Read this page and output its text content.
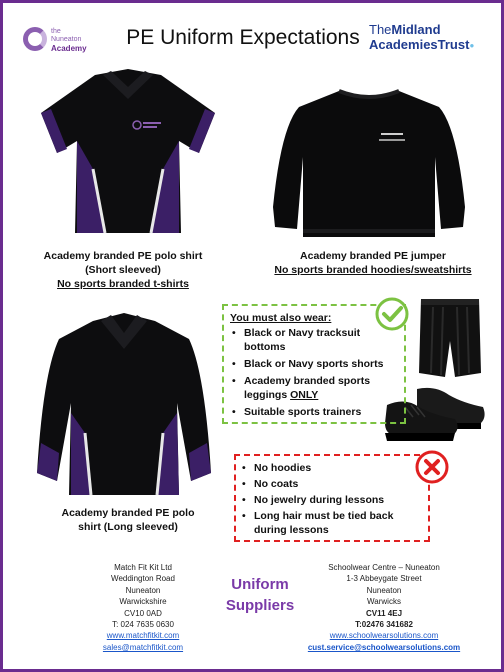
the
Nuneaton
Academy PE Uniform Expectations TheMidland
AcademiesTrust●
Academy branded PE polo shirt
(Short sleeved)
No sports branded t-shirts
Academy branded PE jumper
No sports branded hoodies/sweatshirts
Academy branded PE polo
shirt (Long sleeved)
You must also wear:
• Black or Navy tracksuit bottoms
• Black or Navy sports shorts
• Academy branded sports leggings ONLY
• Suitable sports trainers
• No hoodies
• No coats
• No jewelry during lessons
• Long hair must be tied back during lessons
Match Fit Kit Ltd
Weddington Road
Nuneaton
Warwickshire
CV10 0AD
T: 024 7635 0630
www.matchfitkit.com
sales@matchfitkit.com
Uniform
Suppliers
Schoolwear Centre – Nuneaton
1-3 Abbeygate Street
Nuneaton
Warwicks
CV11 4EJ
T:02476 341682
www.schoolwearsolutions.com
cust.service@schoolwearsolutions.com
